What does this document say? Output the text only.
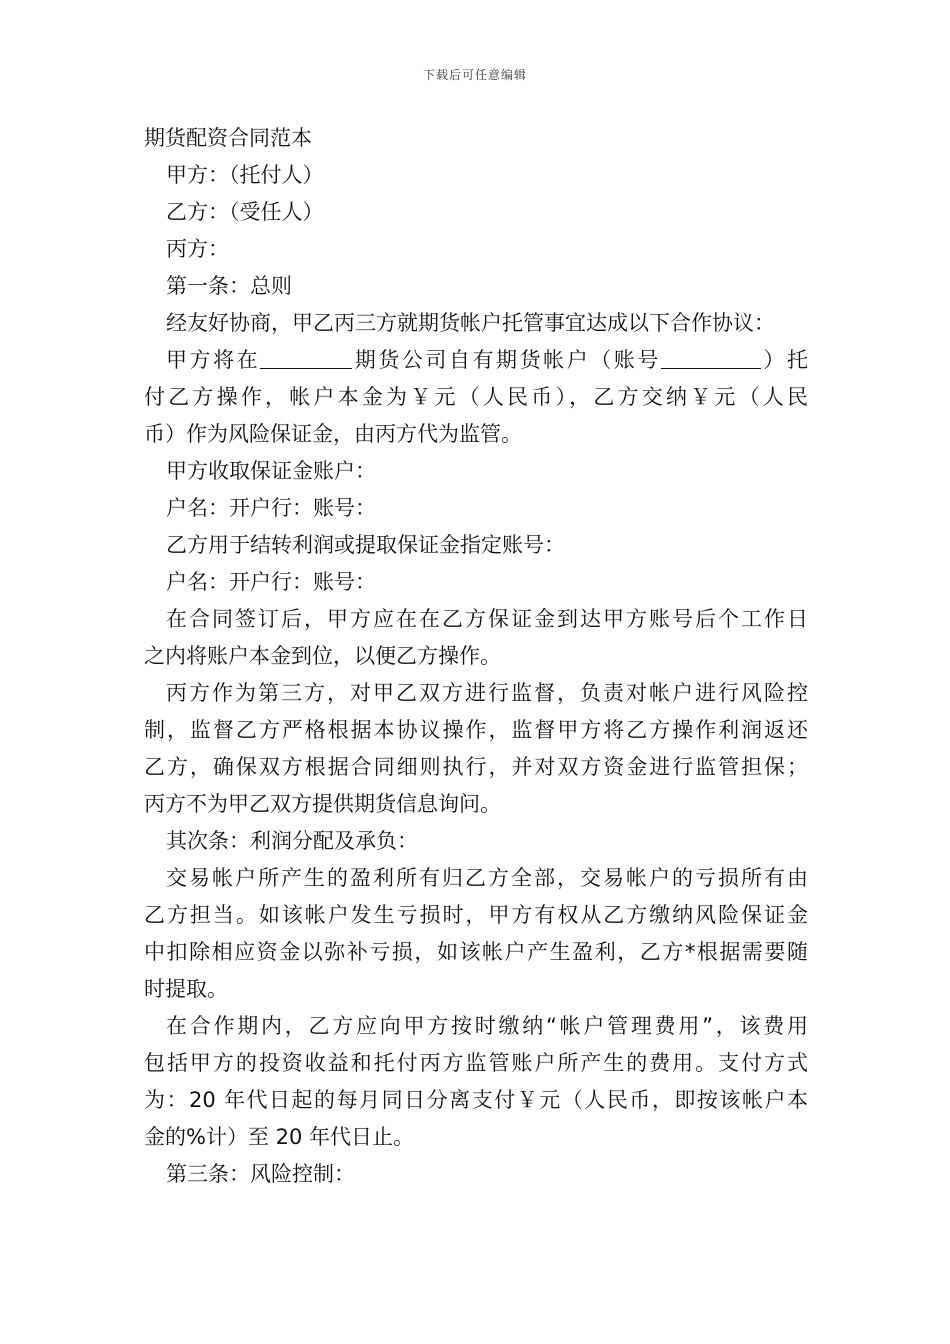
下载后可任意编辑
期货配资合同范本
甲方：（托付人）
乙方：（受任人）
丙方：
第一条：总则
经友好协商，甲乙丙三方就期货帐户托管事宜达成以下合作协议：
甲方将在	期货公司自有期货帐户（账号	）托
付乙方操作，帐户本金为￥元（人民币），乙方交纳￥元（人民
币）作为风险保证金，由丙方代为监管。
甲方收取保证金账户：
户名：开户行：账号：
乙方用于结转利润或提取保证金指定账号：
户名：开户行：账号：
在合同签订后，甲方应在在乙方保证金到达甲方账号后个工作日
之内将账户本金到位，以便乙方操作。
丙方作为第三方，对甲乙双方进行监督，负责对帐户进行风险控
制，监督乙方严格根据本协议操作，监督甲方将乙方操作利润返还
乙方，确保双方根据合同细则执行，并对双方资金进行监管担保；
丙方不为甲乙双方提供期货信息询问。
其次条：利润分配及承负：
交易帐户所产生的盈利所有归乙方全部，交易帐户的亏损所有由
乙方担当。如该帐户发生亏损时，甲方有权从乙方缴纳风险保证金
中扣除相应资金以弥补亏损，如该帐户产生盈利，乙方*根据需要随
时提取。
在合作期内，乙方应向甲方按时缴纳“帐户管理费用”，该费用
包括甲方的投资收益和托付丙方监管账户所产生的费用。支付方式
为：20 年代日起的每月同日分离支付￥元（人民币，即按该帐户本
金的%计）至 20 年代日止。
第三条：风险控制：
